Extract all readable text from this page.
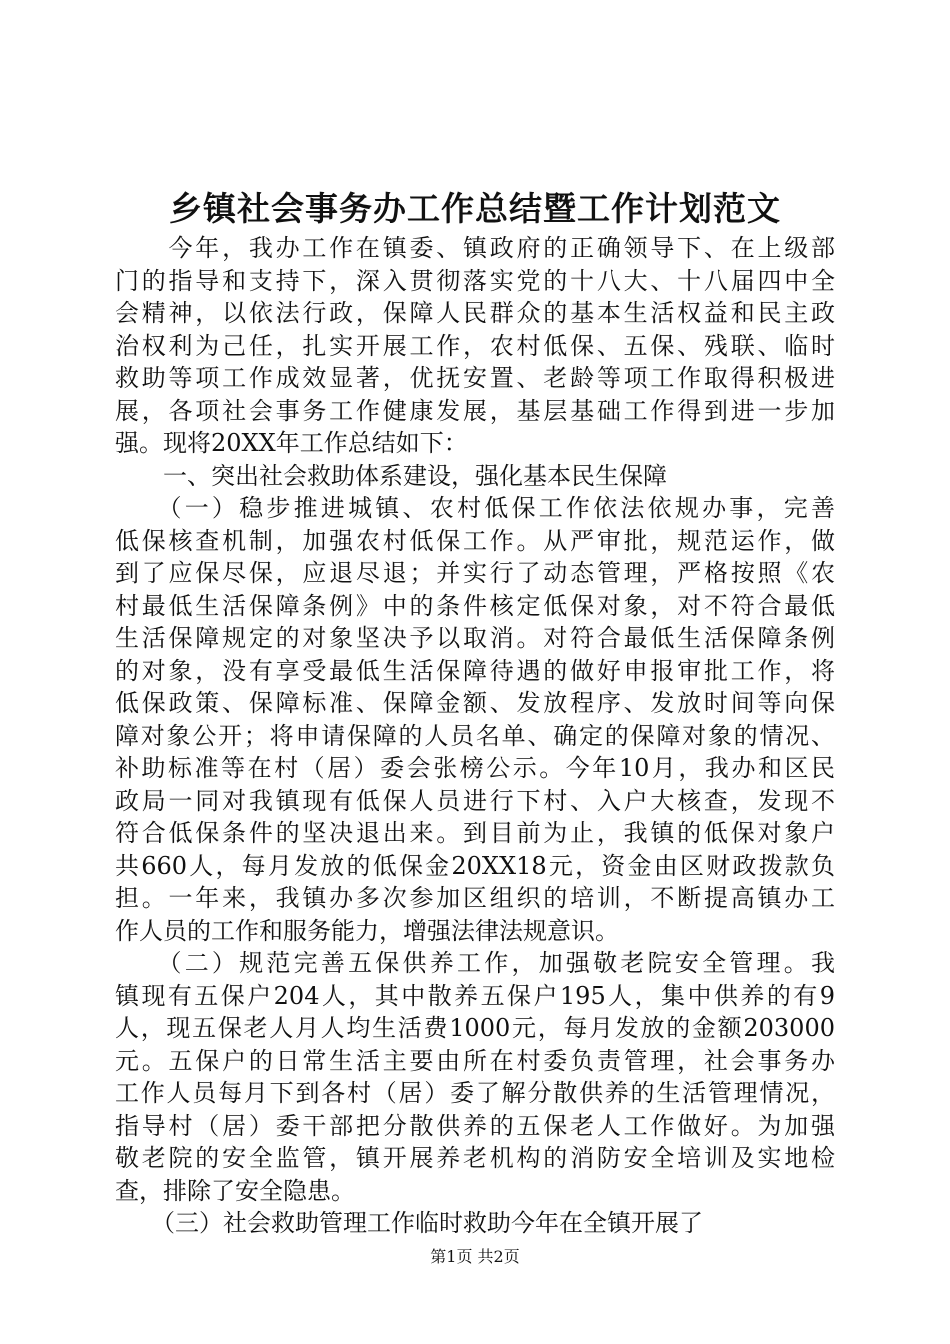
乡镇社会事务办工作总结暨工作计划范文
　　今年，我办工作在镇委、镇政府的正确领导下、在上级部
门的指导和支持下，深入贯彻落实党的十八大、十八届四中全
会精神，以依法行政，保障人民群众的基本生活权益和民主政
治权利为己任，扎实开展工作，农村低保、五保、残联、临时
救助等项工作成效显著，优抚安置、老龄等项工作取得积极进
展，各项社会事务工作健康发展，基层基础工作得到进一步加
强。现将20XX年工作总结如下：
　　一、突出社会救助体系建设，强化基本民生保障
　　（一）稳步推进城镇、农村低保工作依法依规办事，完善
低保核查机制，加强农村低保工作。从严审批，规范运作，做
到了应保尽保，应退尽退；并实行了动态管理，严格按照《农
村最低生活保障条例》中的条件核定低保对象，对不符合最低
生活保障规定的对象坚决予以取消。对符合最低生活保障条例
的对象，没有享受最低生活保障待遇的做好申报审批工作，将
低保政策、保障标准、保障金额、发放程序、发放时间等向保
障对象公开；将申请保障的人员名单、确定的保障对象的情况、
补助标准等在村（居）委会张榜公示。今年10月，我办和区民
政局一同对我镇现有低保人员进行下村、入户大核查，发现不
符合低保条件的坚决退出来。到目前为止，我镇的低保对象户
共660人，每月发放的低保金20XX18元，资金由区财政拨款负
担。一年来，我镇办多次参加区组织的培训，不断提高镇办工
作人员的工作和服务能力，增强法律法规意识。
　　（二）规范完善五保供养工作，加强敬老院安全管理。我
镇现有五保户204人，其中散养五保户195人，集中供养的有9
人，现五保老人月人均生活费1000元，每月发放的金额203000
元。五保户的日常生活主要由所在村委负责管理，社会事务办
工作人员每月下到各村（居）委了解分散供养的生活管理情况，
指导村（居）委干部把分散供养的五保老人工作做好。为加强
敬老院的安全监管，镇开展养老机构的消防安全培训及实地检
查，排除了安全隐患。
　　（三）社会救助管理工作临时救助今年在全镇开展了
第1页 共2页
